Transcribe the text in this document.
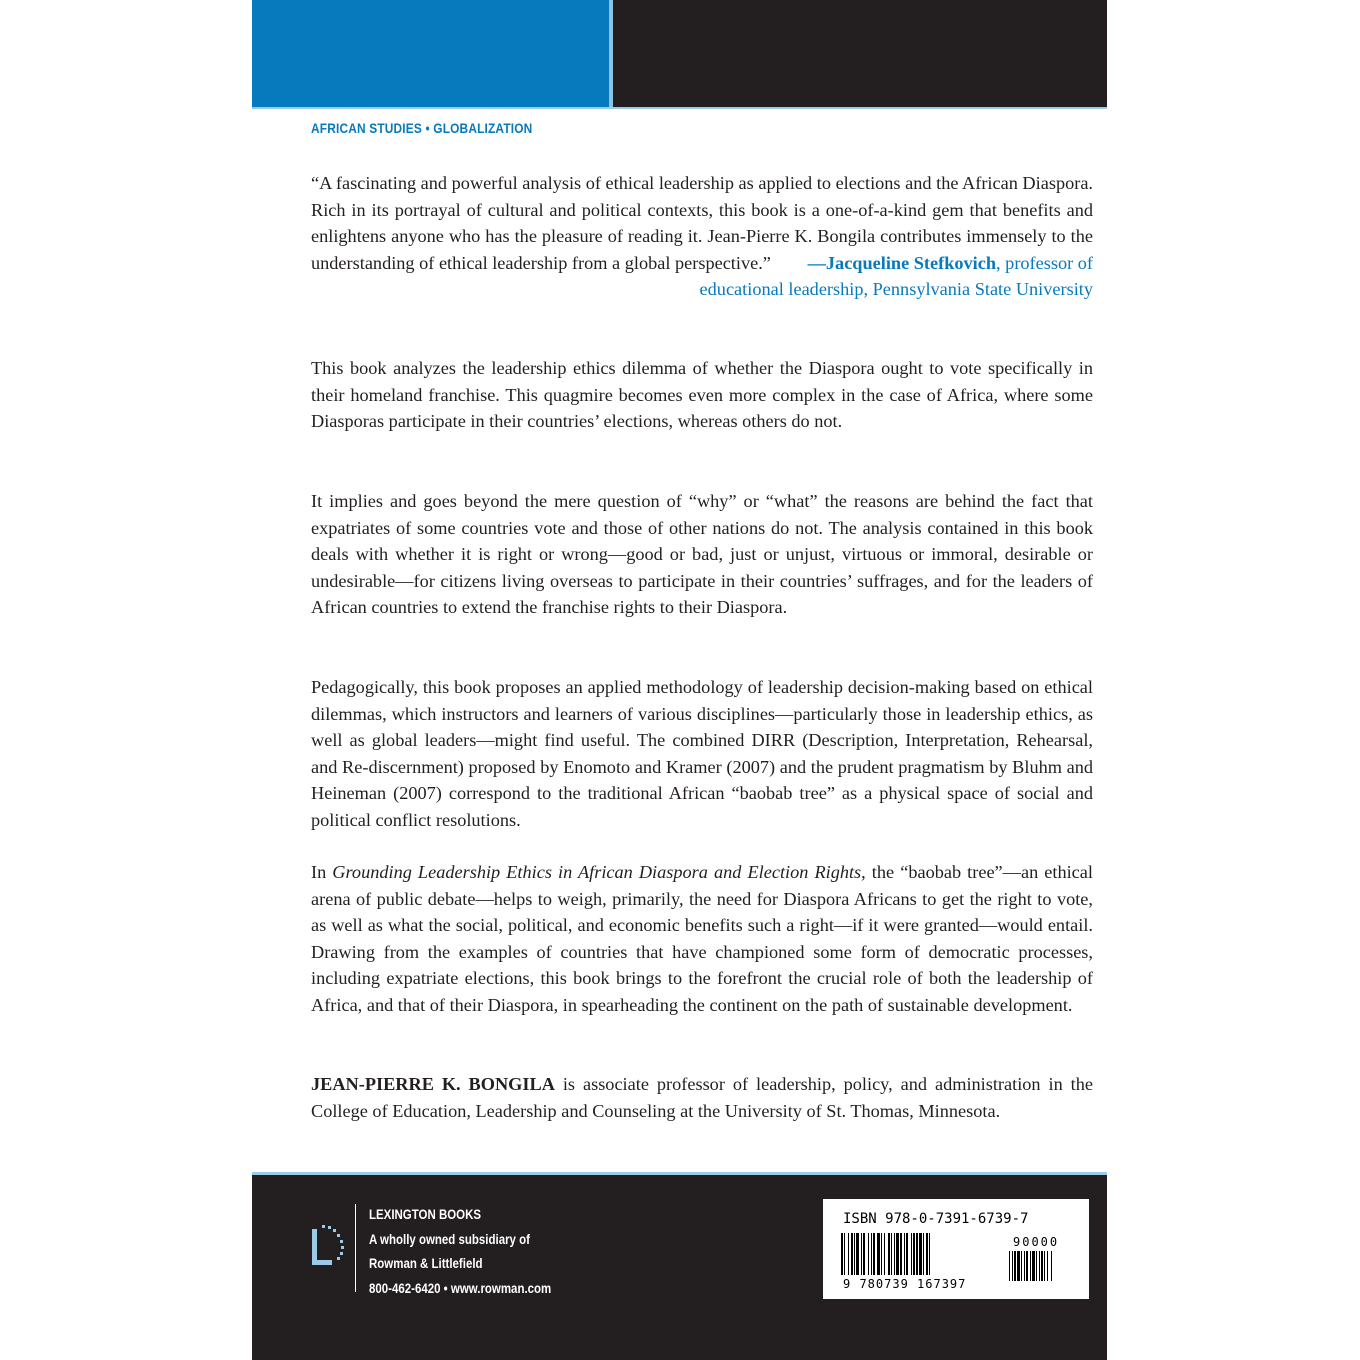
AFRICAN STUDIES • GLOBALIZATION

“A fascinating and powerful analysis of ethical leadership as applied to elections and the African Diaspora. Rich in its portrayal of cultural and political contexts, this book is a one-of-a-kind gem that benefits and enlightens anyone who has the pleasure of reading it. Jean-Pierre K. Bongila contributes immensely to the understanding of ethical leadership from a global perspective.”	—Jacqueline Stefkovich, professor of
educational leadership, Pennsylvania State University

This book analyzes the leadership ethics dilemma of whether the Diaspora ought to vote specifically in their homeland franchise. This quagmire becomes even more complex in the case of Africa, where some Diasporas participate in their countries’ elections, whereas others do not.
It implies and goes beyond the mere question of “why” or “what” the reasons are behind the fact that expatriates of some countries vote and those of other nations do not. The analysis contained in this book deals with whether it is right or wrong—good or bad, just or unjust, virtuous or immoral, desirable or undesirable—for citizens living overseas to participate in their countries’ suffrages, and for the leaders of African countries to extend the franchise rights to their Diaspora.
Pedagogically, this book proposes an applied methodology of leadership decision-making based on ethical dilemmas, which instructors and learners of various disciplines—particularly those in leadership ethics, as well as global leaders—might find useful. The combined DIRR (Description, Interpretation, Rehearsal, and Re-discernment) proposed by Enomoto and Kramer (2007) and the prudent pragmatism by Bluhm and Heineman (2007) correspond to the traditional African “baobab tree” as a physical space of social and political conflict resolutions.
In Grounding Leadership Ethics in African Diaspora and Election Rights, the “baobab tree”—an ethical arena of public debate—helps to weigh, primarily, the need for Diaspora Africans to get the right to vote, as well as what the social, political, and economic benefits such a right—if it were granted—would entail. Drawing from the examples of countries that have championed some form of democratic processes, including expatriate elections, this book brings to the forefront the crucial role of both the leadership of Africa, and that of their Diaspora, in spearheading the continent on the path of sustainable development.
JEAN-PIERRE K. BONGILA is associate professor of leadership, policy, and administration in the College of Education, Leadership and Counseling at the University of St. Thomas, Minnesota.
LEXINGTON BOOKS
A wholly owned subsidiary of
Rowman & Littlefield
800-462-6420 • www.rowman.com
ISBN 978-0-7391-6739-7
90000
9 780739 167397
